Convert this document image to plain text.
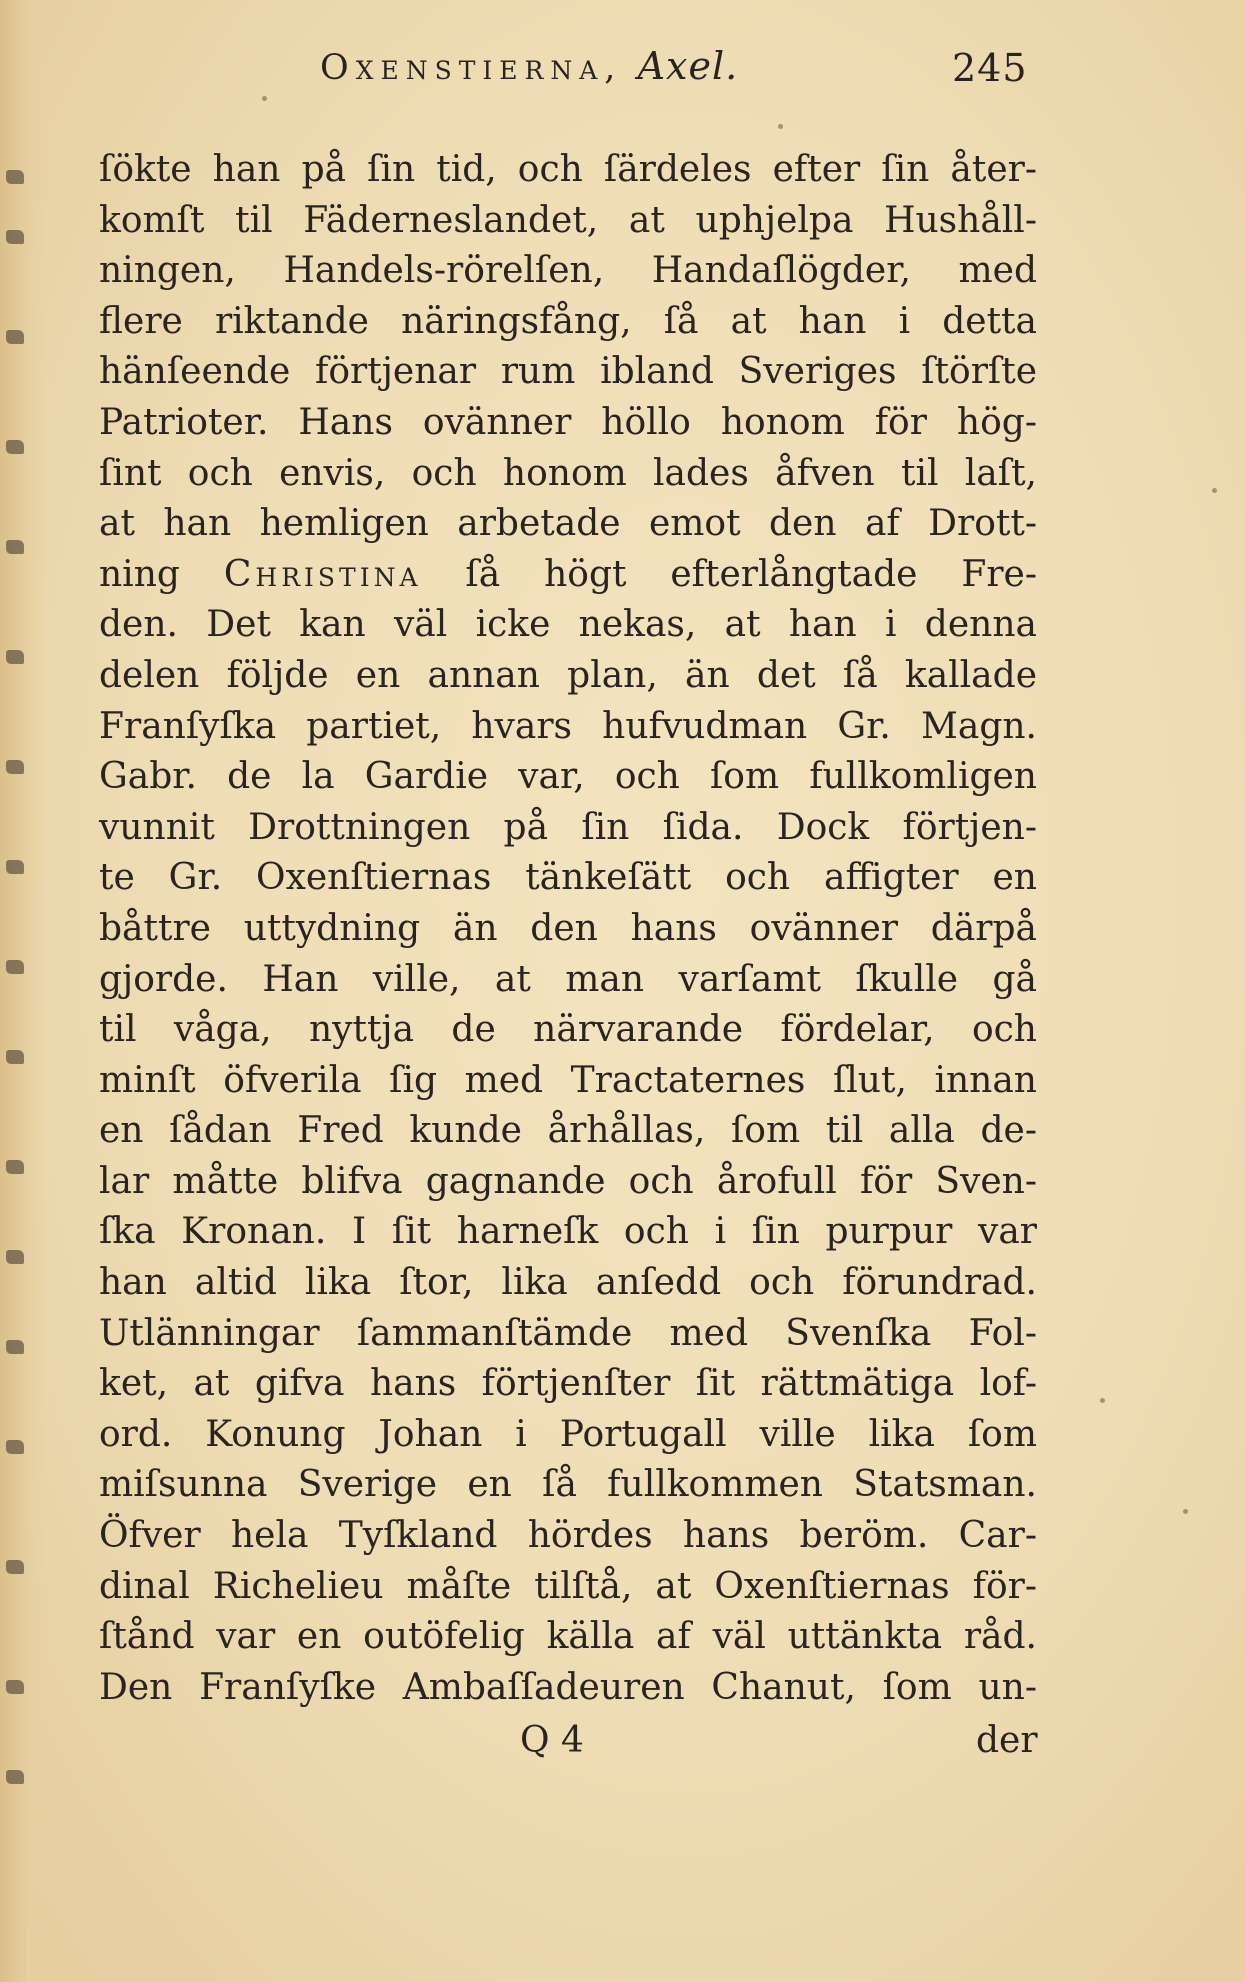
Oxenstierna, Axel.	245
ſökte han på ſin tid, och ſärdeles efter ſin åter-
komſt til Fäderneslandet, at uphjelpa Hushåll-
ningen, Handels-rörelſen, Handaſlögder, med
flere riktande näringsfång, ſå at han i detta
hänſeende förtjenar rum ibland Sveriges ſtörſte
Patrioter. Hans ovänner höllo honom för hög-
ſint och envis, och honom lades åfven til laſt,
at han hemligen arbetade emot den af Drott-
ning Christina ſå högt efterlångtade Fre-
den. Det kan väl icke nekas, at han i denna
delen följde en annan plan, än det ſå kallade
Franſyſka partiet, hvars hufvudman Gr. Magn.
Gabr. de la Gardie var, och ſom fullkomligen
vunnit Drottningen på ſin ſida. Dock förtjen-
te Gr. Oxenſtiernas tänkeſätt och affigter en
båttre uttydning än den hans ovänner därpå
gjorde. Han ville, at man varſamt ſkulle gå
til våga, nyttja de närvarande fördelar, och
minſt öfverila ſig med Tractaternes ſlut, innan
en ſådan Fred kunde århållas, ſom til alla de-
lar måtte blifva gagnande och årofull för Sven-
ſka Kronan. I ſit harneſk och i ſin purpur var
han altid lika ſtor, lika anſedd och förundrad.
Utlänningar ſammanſtämde med Svenſka Fol-
ket, at gifva hans förtjenſter ſit rättmätiga lof-
ord. Konung Johan i Portugall ville lika ſom
miſsunna Sverige en ſå fullkommen Statsman.
Öfver hela Tyſkland hördes hans beröm. Car-
dinal Richelieu måſte tilſtå, at Oxenſtiernas för-
ſtånd var en outöfelig källa af väl uttänkta råd.
Den Franſyſke Ambaſſadeuren Chanut, ſom un-
Q 4	der
